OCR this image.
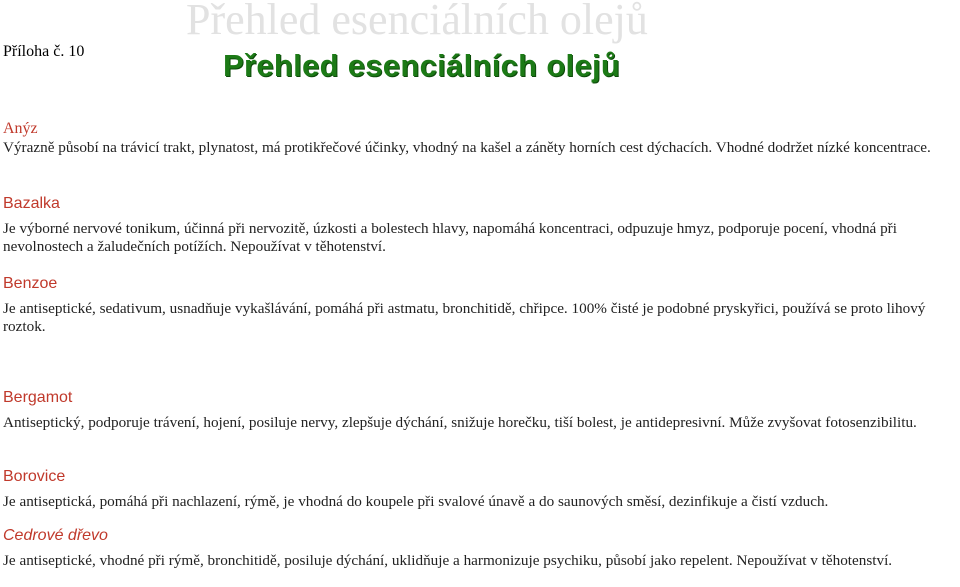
Příloha č. 10
Přehled esenciálních olejů
Přehled esenciálních olejů
Anýz

Výrazně působí na trávicí trakt, plynatost, má protikřečové účinky, vhodný na kašel a záněty horních cest dýchacích. Vhodné dodržet nízké koncentrace.

Bazalka

Je výborné nervové tonikum, účinná při nervozitě, úzkosti a bolestech hlavy, napomáhá koncentraci, odpuzuje hmyz, podporuje pocení, vhodná při nevolnostech a žaludečních potížích. Nepoužívat v těhotenství.

Benzoe

Je antiseptické, sedativum, usnadňuje vykašlávání, pomáhá při astmatu, bronchitidě, chřipce. 100% čisté je podobné pryskyřici, používá se proto lihový roztok.

Bergamot

Antiseptický, podporuje trávení, hojení, posiluje nervy, zlepšuje dýchání, snižuje horečku, tiší bolest, je antidepresivní. Může zvyšovat fotosenzibilitu.

Borovice

Je antiseptická, pomáhá při nachlazení, rýmě, je vhodná do koupele při svalové únavě a do saunových směsí, dezinfikuje a čistí vzduch.

Cedrové dřevo

Je antiseptické, vhodné při rýmě, bronchitidě, posiluje dýchání, uklidňuje a harmonizuje psychiku, působí jako repelent. Nepoužívat v těhotenství.
